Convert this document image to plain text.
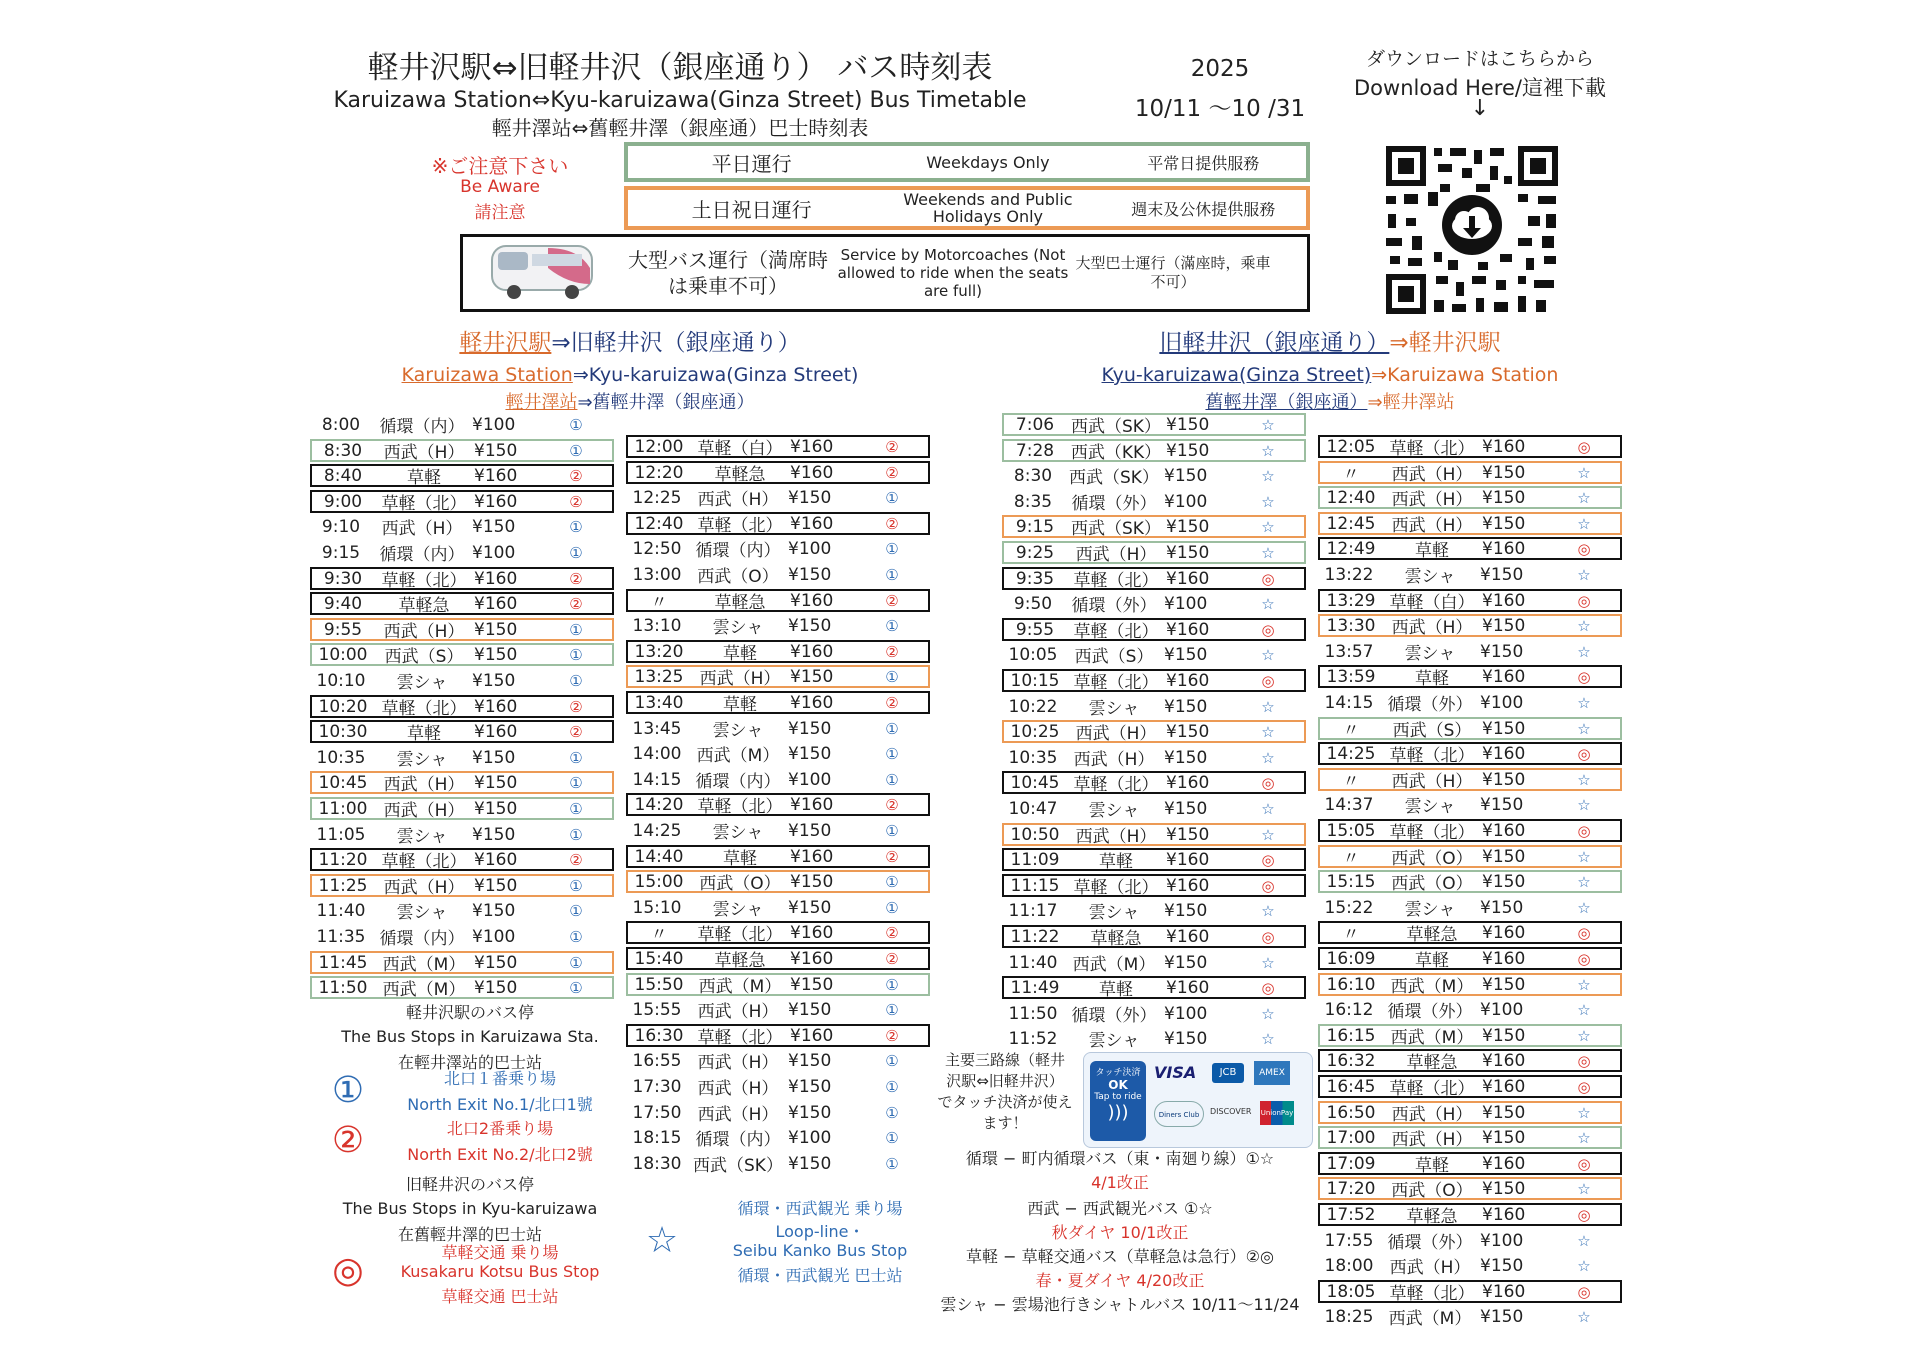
軽井沢駅⇔旧軽井沢（銀座通り） バス時刻表
Karuizawa Station⇔Kyu-karuizawa(Ginza Street) Bus Timetable
輕井澤站⇔舊輕井澤（銀座通）巴士時刻表
2025
10/11 ～10 /31
ダウンロードはこちらから
Download Here/這裡下載
↓
※ご注意下さい
Be Aware
請注意
平日運行	Weekdays Only	平常日提供服務
土日祝日運行	Weekends and Public Holidays Only	週末及公休提供服務
大型バス運行（満席時は乗車不可）
Service by Motorcoaches (Not allowed to ride when the seats are full)
大型巴士運行（滿座時，乘車不可）
軽井沢駅⇒旧軽井沢（銀座通り）
Karuizawa Station⇒Kyu-karuizawa(Ginza Street)
輕井澤站⇒舊輕井澤（銀座通）
旧軽井沢（銀座通り）⇒軽井沢駅
Kyu-karuizawa(Ginza Street)⇒Karuizawa Station
舊輕井澤（銀座通）⇒輕井澤站
8:00	循環（内） ¥100	①
8:30	西武（H） ¥150	①
8:40	草軽	¥160	②
9:00	草軽（北） ¥160	②
9:10	西武（H） ¥150	①
9:15	循環（内） ¥100	①
9:30	草軽（北） ¥160	②
9:40	草軽急	¥160	②
9:55	西武（H） ¥150	①
10:00	西武（S） ¥150	①
10:10	雲シャ	¥150	①
10:20 草軽（北） ¥160	②
10:30	草軽	¥160	②
10:35	雲シャ	¥150	①
10:45 西武（H） ¥150	①
11:00 西武（H） ¥150	①
11:05	雲シャ	¥150	①
11:20 草軽（北） ¥160	②
11:25 西武（H） ¥150	①
11:40	雲シャ	¥150	①
11:35 循環（内） ¥100	①
11:45 西武（M） ¥150	①
11:50 西武（M） ¥150	①
12:00 草軽（白） ¥160	②
12:20	草軽急	¥160	②
12:25 西武（H） ¥150	①
12:40 草軽（北） ¥160	②
12:50 循環（内） ¥100	①
13:00 西武（O） ¥150	①
〃	草軽急	¥160	②
13:10	雲シャ	¥150	①
13:20	草軽	¥160	②
13:25 西武（H） ¥150	①
13:40	草軽	¥160	②
13:45	雲シャ	¥150	①
14:00 西武（M） ¥150	①
14:15 循環（内） ¥100	①
14:20 草軽（北） ¥160	②
14:25	雲シャ	¥150	①
14:40	草軽	¥160	②
15:00 西武（O） ¥150	①
15:10	雲シャ	¥150	①
〃	草軽（北） ¥160	②
15:40	草軽急	¥160	②
15:50 西武（M） ¥150	①
15:55 西武（H） ¥150	①
16:30 草軽（北） ¥160	②
16:55 西武（H） ¥150	①
17:30 西武（H） ¥150	①
17:50 西武（H） ¥150	①
18:15 循環（内） ¥100	①
18:30 西武（SK） ¥150	①
7:06 西武（SK） ¥150	☆
7:28 西武（KK） ¥150	☆
8:30 西武（SK） ¥150	☆
8:35	循環（外） ¥100	☆
9:15 西武（SK） ¥150	☆
9:25	西武（H） ¥150	☆
9:35	草軽（北） ¥160	◎
9:50	循環（外） ¥100	☆
9:55	草軽（北） ¥160	◎
10:05	西武（S） ¥150	☆
10:15 草軽（北） ¥160	◎
10:22	雲シャ	¥150	☆
10:25 西武（H） ¥150	☆
10:35 西武（H） ¥150	☆
10:45 草軽（北） ¥160	◎
10:47	雲シャ	¥150	☆
10:50 西武（H） ¥150	☆
11:09	草軽	¥160	◎
11:15 草軽（北） ¥160	◎
11:17	雲シャ	¥150	☆
11:22	草軽急	¥160	◎
11:40 西武（M） ¥150	☆
11:49	草軽	¥160	◎
11:50 循環（外） ¥100	☆
11:52	雲シャ	¥150	☆
12:05 草軽（北） ¥160	◎
〃	西武（H） ¥150	☆
12:40 西武（H） ¥150	☆
12:45 西武（H） ¥150	☆
12:49	草軽	¥160	◎
13:22	雲シャ	¥150	☆
13:29 草軽（白） ¥160	◎
13:30 西武（H） ¥150	☆
13:57	雲シャ	¥150	☆
13:59	草軽	¥160	◎
14:15 循環（外） ¥100	☆
〃	西武（S） ¥150	☆
14:25 草軽（北） ¥160	◎
〃	西武（H） ¥150	☆
14:37	雲シャ	¥150	☆
15:05 草軽（北） ¥160	◎
〃	西武（O） ¥150	☆
15:15 西武（O） ¥150	☆
15:22	雲シャ	¥150	☆
〃	草軽急	¥160	◎
16:09	草軽	¥160	◎
16:10 西武（M） ¥150	☆
16:12 循環（外） ¥100	☆
16:15 西武（M） ¥150	☆
16:32	草軽急	¥160	◎
16:45 草軽（北） ¥160	◎
16:50 西武（H） ¥150	☆
17:00 西武（H） ¥150	☆
17:09	草軽	¥160	◎
17:20 西武（O） ¥150	☆
17:52	草軽急	¥160	◎
17:55 循環（外） ¥100	☆
18:00 西武（H） ¥150	☆
18:05 草軽（北） ¥160	◎
18:25 西武（M） ¥150	☆
軽井沢駅のバス停
The Bus Stops in Karuizawa Sta.
在輕井澤站的巴士站
①	北口１番乗り場
North Exit No.1/北口1號
②	北口2番乗り場
North Exit No.2/北口2號
旧軽井沢のバス停
The Bus Stops in Kyu-karuizawa
在舊輕井澤的巴士站
◎	草軽交通 乗り場
Kusakaru Kotsu Bus Stop
草軽交通 巴士站
☆
循環・西武観光 乗り場
Loop-line・
Seibu Kanko Bus Stop
循環・西武観光 巴士站
主要三路線（軽井
沢駅⇔旧軽井沢）
でタッチ決済が使え
ます！
タッチ決済
OK
Tap to ride
)))
VISA	JCB	AMEX
Diners Club	DISCOVER UnionPay
循環 − 町内循環バス（東・南廻り線）①☆
4/1改正
西武 − 西武観光バス ①☆
秋ダイヤ 10/1改正
草軽 − 草軽交通バス（草軽急は急行）②◎
春・夏ダイヤ 4/20改正
雲シャ − 雲場池行きシャトルバス 10/11～11/24
